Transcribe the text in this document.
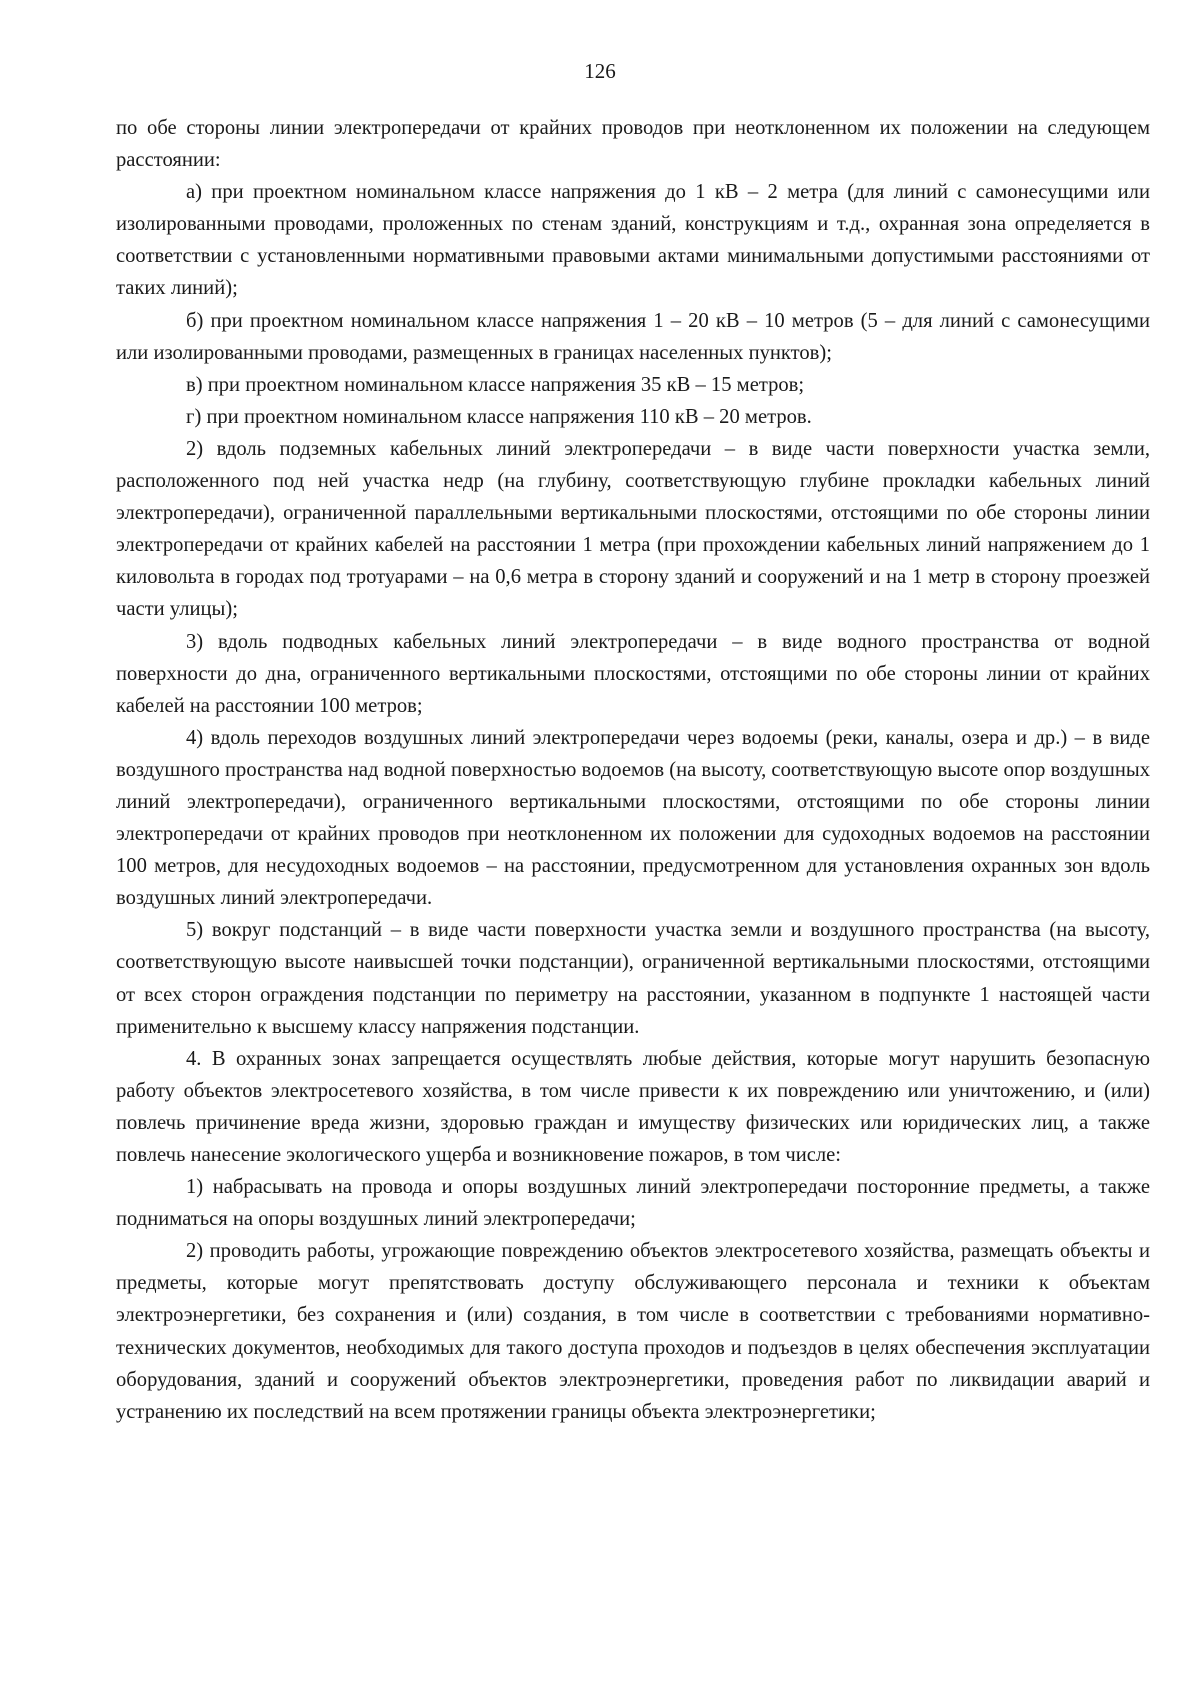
126

по обе стороны линии электропередачи от крайних проводов при неотклоненном их положении на следующем расстоянии:

а) при проектном номинальном классе напряжения до 1 кВ – 2 метра (для линий с самонесущими или изолированными проводами, проложенных по стенам зданий, конструкциям и т.д., охранная зона определяется в соответствии с установленными нормативными правовыми актами минимальными допустимыми расстояниями от таких линий);

б) при проектном номинальном классе напряжения 1 – 20 кВ – 10 метров (5 – для линий с самонесущими или изолированными проводами, размещенных в границах населенных пунктов);

в) при проектном номинальном классе напряжения 35 кВ – 15 метров;

г) при проектном номинальном классе напряжения 110 кВ – 20 метров.

2) вдоль подземных кабельных линий электропередачи – в виде части поверхности участка земли, расположенного под ней участка недр (на глубину, соответствующую глубине прокладки кабельных линий электропередачи), ограниченной параллельными вертикальными плоскостями, отстоящими по обе стороны линии электропередачи от крайних кабелей на расстоянии 1 метра (при прохождении кабельных линий напряжением до 1 киловольта в городах под тротуарами – на 0,6 метра в сторону зданий и сооружений и на 1 метр в сторону проезжей части улицы);

3) вдоль подводных кабельных линий электропередачи – в виде водного пространства от водной поверхности до дна, ограниченного вертикальными плоскостями, отстоящими по обе стороны линии от крайних кабелей на расстоянии 100 метров;

4) вдоль переходов воздушных линий электропередачи через водоемы (реки, каналы, озера и др.) – в виде воздушного пространства над водной поверхностью водоемов (на высоту, соответствующую высоте опор воздушных линий электропередачи), ограниченного вертикальными плоскостями, отстоящими по обе стороны линии электропередачи от крайних проводов при неотклоненном их положении для судоходных водоемов на расстоянии 100 метров, для несудоходных водоемов – на расстоянии, предусмотренном для установления охранных зон вдоль воздушных линий электропередачи.

5) вокруг подстанций – в виде части поверхности участка земли и воздушного пространства (на высоту, соответствующую высоте наивысшей точки подстанции), ограниченной вертикальными плоскостями, отстоящими от всех сторон ограждения подстанции по периметру на расстоянии, указанном в подпункте 1 настоящей части применительно к высшему классу напряжения подстанции.

4. В охранных зонах запрещается осуществлять любые действия, которые могут нарушить безопасную работу объектов электросетевого хозяйства, в том числе привести к их повреждению или уничтожению, и (или) повлечь причинение вреда жизни, здоровью граждан и имуществу физических или юридических лиц, а также повлечь нанесение экологического ущерба и возникновение пожаров, в том числе:

1) набрасывать на провода и опоры воздушных линий электропередачи посторонние предметы, а также подниматься на опоры воздушных линий электропередачи;

2) проводить работы, угрожающие повреждению объектов электросетевого хозяйства, размещать объекты и предметы, которые могут препятствовать доступу обслуживающего персонала и техники к объектам электроэнергетики, без сохранения и (или) создания, в том числе в соответствии с требованиями нормативно-технических документов, необходимых для такого доступа проходов и подъездов в целях обеспечения эксплуатации оборудования, зданий и сооружений объектов электроэнергетики, проведения работ по ликвидации аварий и устранению их последствий на всем протяжении границы объекта электроэнергетики;
